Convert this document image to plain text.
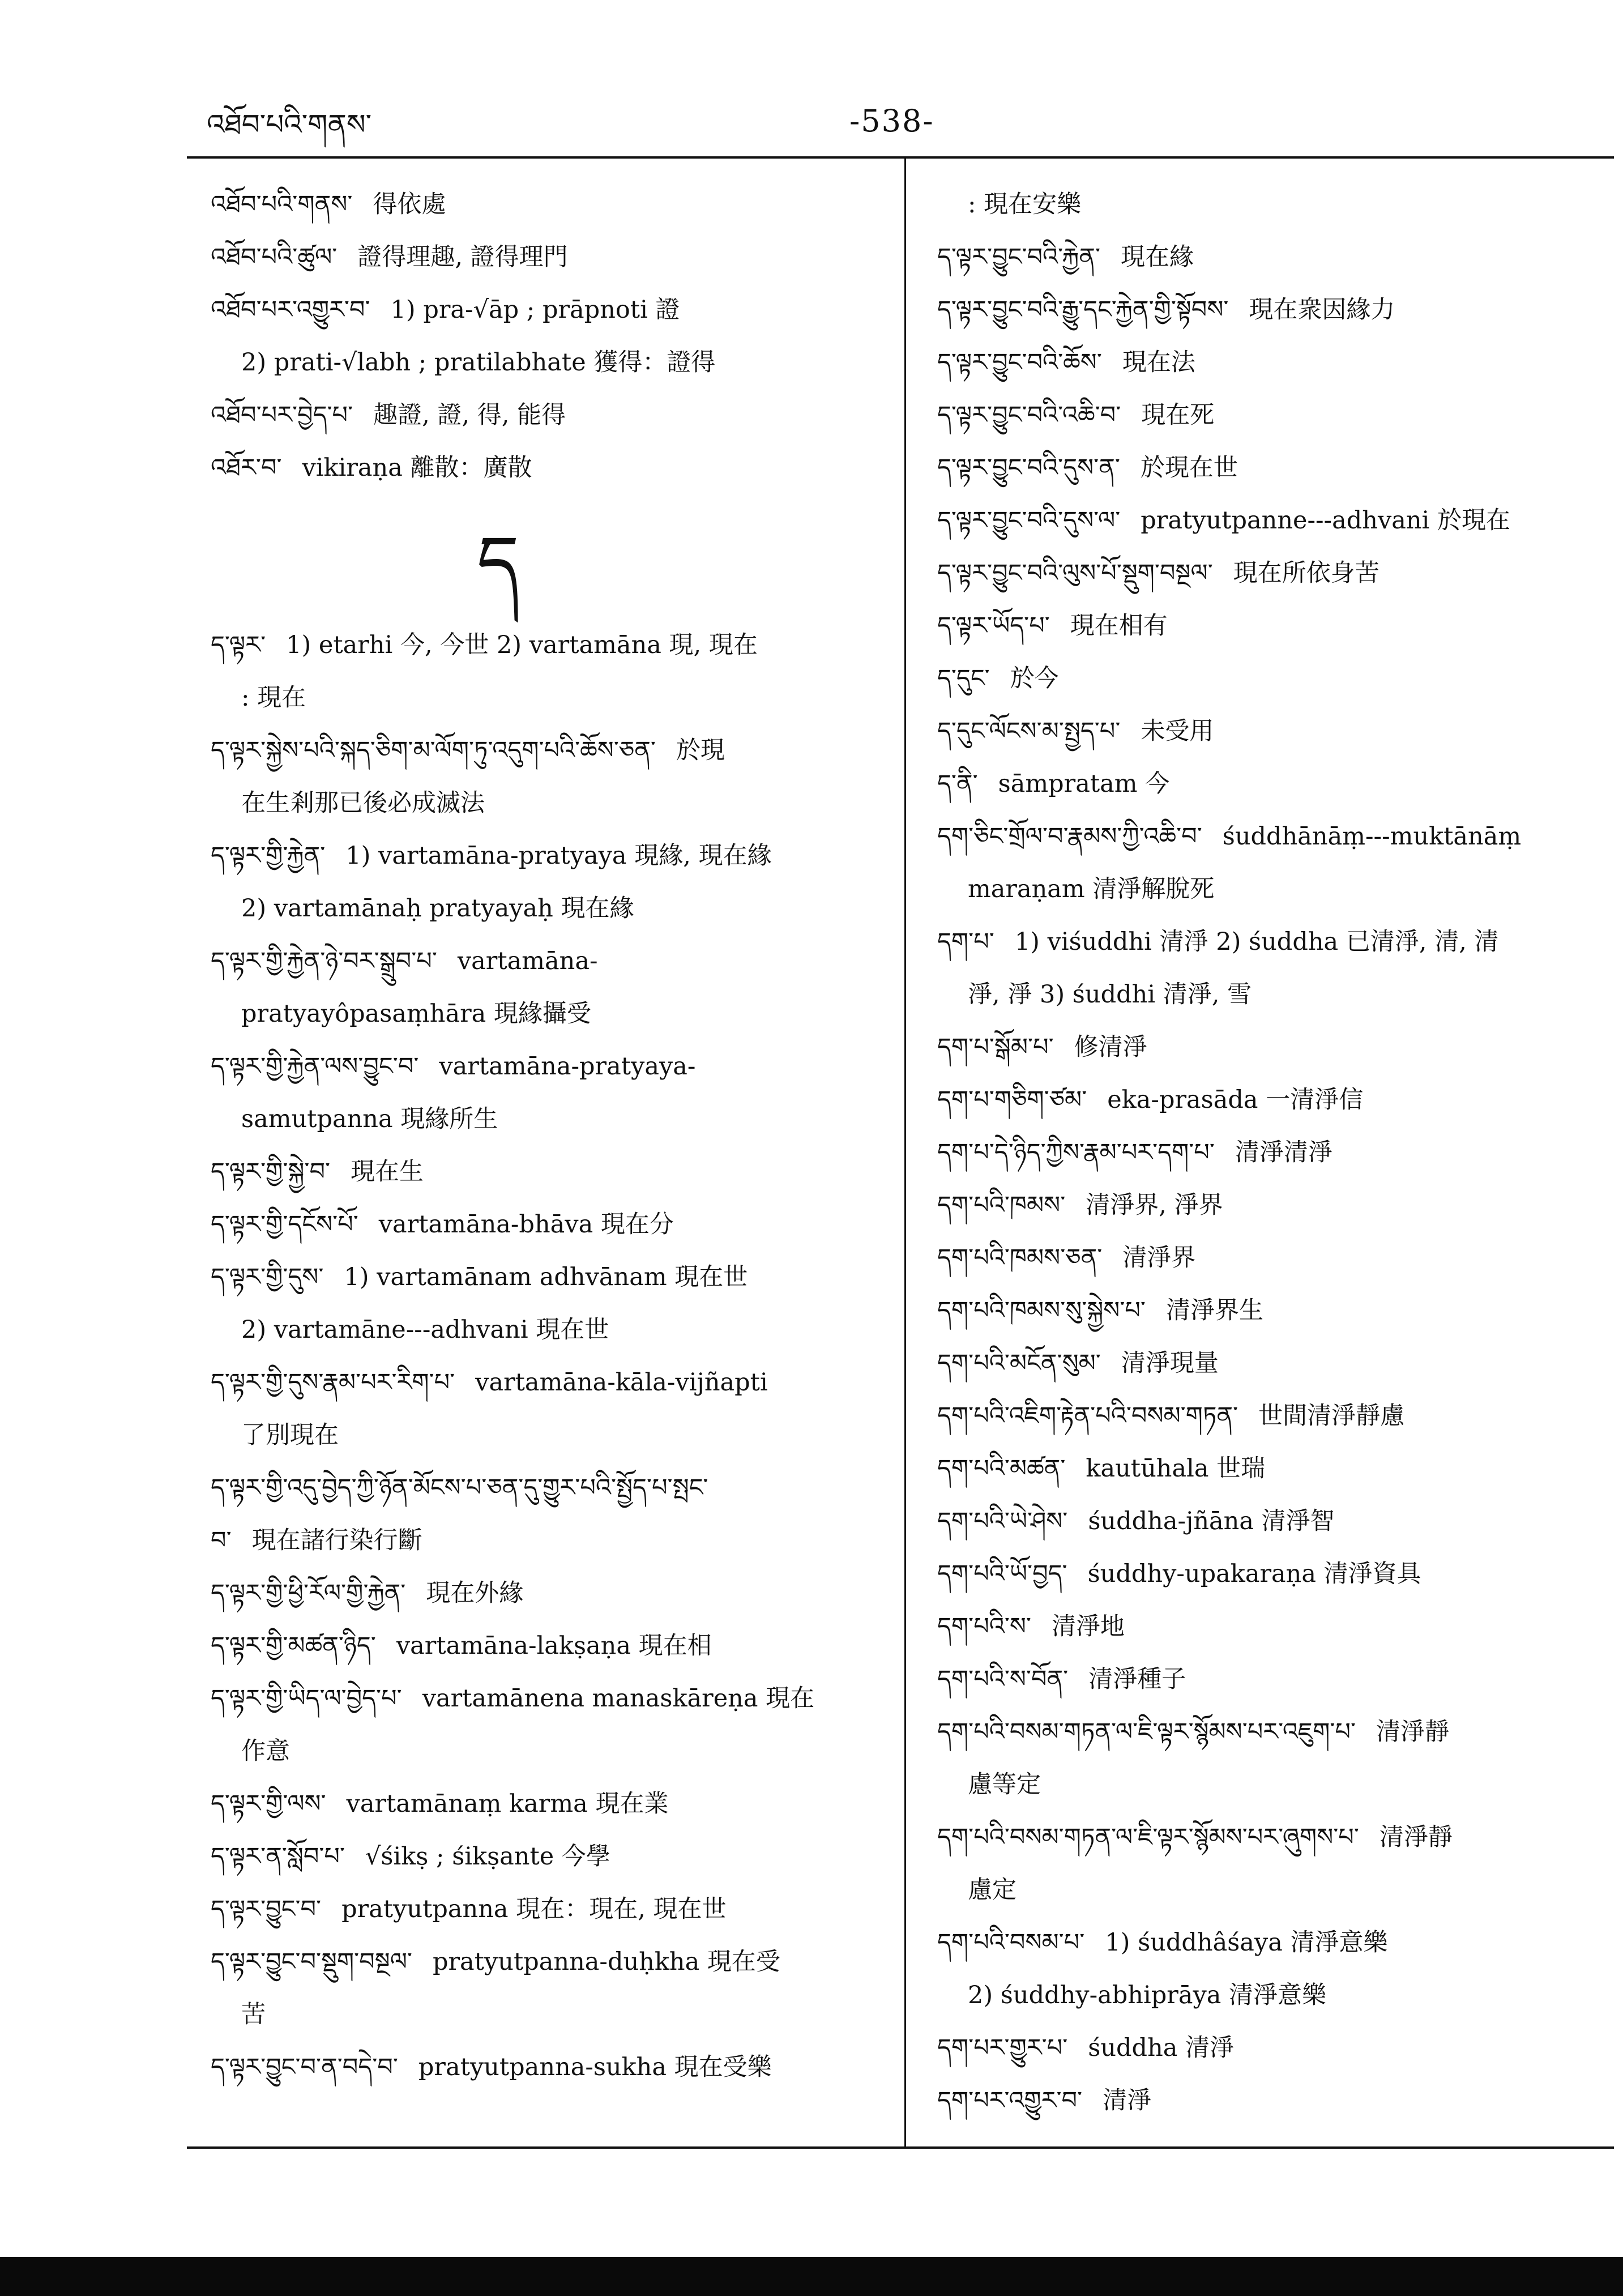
འཐོབ་པའི་གནས་	-538-
འཐོབ་པའི་གནས་ 得依處
འཐོབ་པའི་ཚུལ་ 證得理趣, 證得理門
འཐོབ་པར་འགྱུར་བ་ 1) pra-√āp ; prāpnoti 證
2) prati-√labh ; pratilabhate 獲得：證得
འཐོབ་པར་བྱེད་པ་ 趣證, 證, 得, 能得
འཐོར་བ་ vikiraṇa 離散：廣散
ད
ད་ལྟར་ 1) etarhi 今, 今世 2) vartamāna 現, 現在
: 現在
ད་ལྟར་སྐྱེས་པའི་སྐད་ཅིག་མ་ལོག་ཏུ་འདུག་པའི་ཆོས་ཅན་ 於現
在生剎那已後必成滅法
ད་ལྟར་གྱི་རྐྱེན་ 1) vartamāna-pratyaya 現緣, 現在緣
2) vartamānaḥ pratyayaḥ 現在緣
ད་ལྟར་གྱི་རྐྱེན་ཉེ་བར་སྒྲུབ་པ་ vartamāna-
pratyayôpasaṃhāra 現緣攝受
ད་ལྟར་གྱི་རྐྱེན་ལས་བྱུང་བ་ vartamāna-pratyaya-
samutpanna 現緣所生
ད་ལྟར་གྱི་སྐྱེ་བ་ 現在生
ད་ལྟར་གྱི་དངོས་པོ་ vartamāna-bhāva 現在分
ད་ལྟར་གྱི་དུས་ 1) vartamānam adhvānam 現在世
2) vartamāne---adhvani 現在世
ད་ལྟར་གྱི་དུས་རྣམ་པར་རིག་པ་ vartamāna-kāla-vijñapti
了別現在
ད་ལྟར་གྱི་འདུ་བྱེད་ཀྱི་ཉོན་མོངས་པ་ཅན་དུ་གྱུར་པའི་སྤྱོད་པ་སྤང་
བ་ 現在諸行染行斷
ད་ལྟར་གྱི་ཕྱི་རོལ་གྱི་རྐྱེན་ 現在外緣
ད་ལྟར་གྱི་མཚན་ཉིད་ vartamāna-lakṣaṇa 現在相
ད་ལྟར་གྱི་ཡིད་ལ་བྱེད་པ་ vartamānena manaskāreṇa 現在
作意
ད་ལྟར་གྱི་ལས་ vartamānaṃ karma 現在業
ད་ལྟར་ན་སློབ་པ་ √śikṣ ; śikṣante 今學
ད་ལྟར་བྱུང་བ་ pratyutpanna 現在：現在, 現在世
ད་ལྟར་བྱུང་བ་སྡུག་བསྔལ་ pratyutpanna-duḥkha 現在受
苦
ད་ལྟར་བྱུང་བ་ན་བདེ་བ་ pratyutpanna-sukha 現在受樂
: 現在安樂
ད་ལྟར་བྱུང་བའི་རྐྱེན་ 現在緣
ད་ལྟར་བྱུང་བའི་རྒྱུ་དང་རྐྱེན་གྱི་སྟོབས་ 現在衆因緣力
ད་ལྟར་བྱུང་བའི་ཆོས་ 現在法
ད་ལྟར་བྱུང་བའི་འཆི་བ་ 現在死
ད་ལྟར་བྱུང་བའི་དུས་ན་ 於現在世
ད་ལྟར་བྱུང་བའི་དུས་ལ་ pratyutpanne---adhvani 於現在
ད་ལྟར་བྱུང་བའི་ལུས་པོ་སྡུག་བསྔལ་ 現在所依身苦
ད་ལྟར་ཡོད་པ་ 現在相有
ད་དུང་ 於今
ད་དུང་ལོངས་མ་སྤྱད་པ་ 未受用
ད་ནི་ sāmpratam 今
དག་ཅིང་གྲོལ་བ་རྣམས་ཀྱི་འཆི་བ་ śuddhānāṃ---muktānāṃ
maraṇam 清淨解脫死
དག་པ་ 1) viśuddhi 清淨 2) śuddha 已清淨, 清, 清
淨, 淨 3) śuddhi 清淨, 雪
དག་པ་སྒོམ་པ་ 修清淨
དག་པ་གཅིག་ཙམ་ eka-prasāda 一清淨信
དག་པ་དེ་ཉིད་ཀྱིས་རྣམ་པར་དག་པ་ 清淨清淨
དག་པའི་ཁམས་ 清淨界, 淨界
དག་པའི་ཁམས་ཅན་ 清淨界
དག་པའི་ཁམས་སུ་སྐྱེས་པ་ 清淨界生
དག་པའི་མངོན་སུམ་ 清淨現量
དག་པའི་འཇིག་རྟེན་པའི་བསམ་གཏན་ 世間清淨靜慮
དག་པའི་མཚན་ kautūhala 世瑞
དག་པའི་ཡེ་ཤེས་ śuddha-jñāna 清淨智
དག་པའི་ཡོ་བྱད་ śuddhy-upakaraṇa 清淨資具
དག་པའི་ས་ 清淨地
དག་པའི་ས་བོན་ 清淨種子
དག་པའི་བསམ་གཏན་ལ་ཇི་ལྟར་སྙོམས་པར་འཇུག་པ་ 清淨靜
慮等定
དག་པའི་བསམ་གཏན་ལ་ཇི་ལྟར་སྙོམས་པར་ཞུགས་པ་ 清淨靜
慮定
དག་པའི་བསམ་པ་ 1) śuddhâśaya 清淨意樂
2) śuddhy-abhiprāya 清淨意樂
དག་པར་གྱུར་པ་ śuddha 清淨
དག་པར་འགྱུར་བ་ 清淨
